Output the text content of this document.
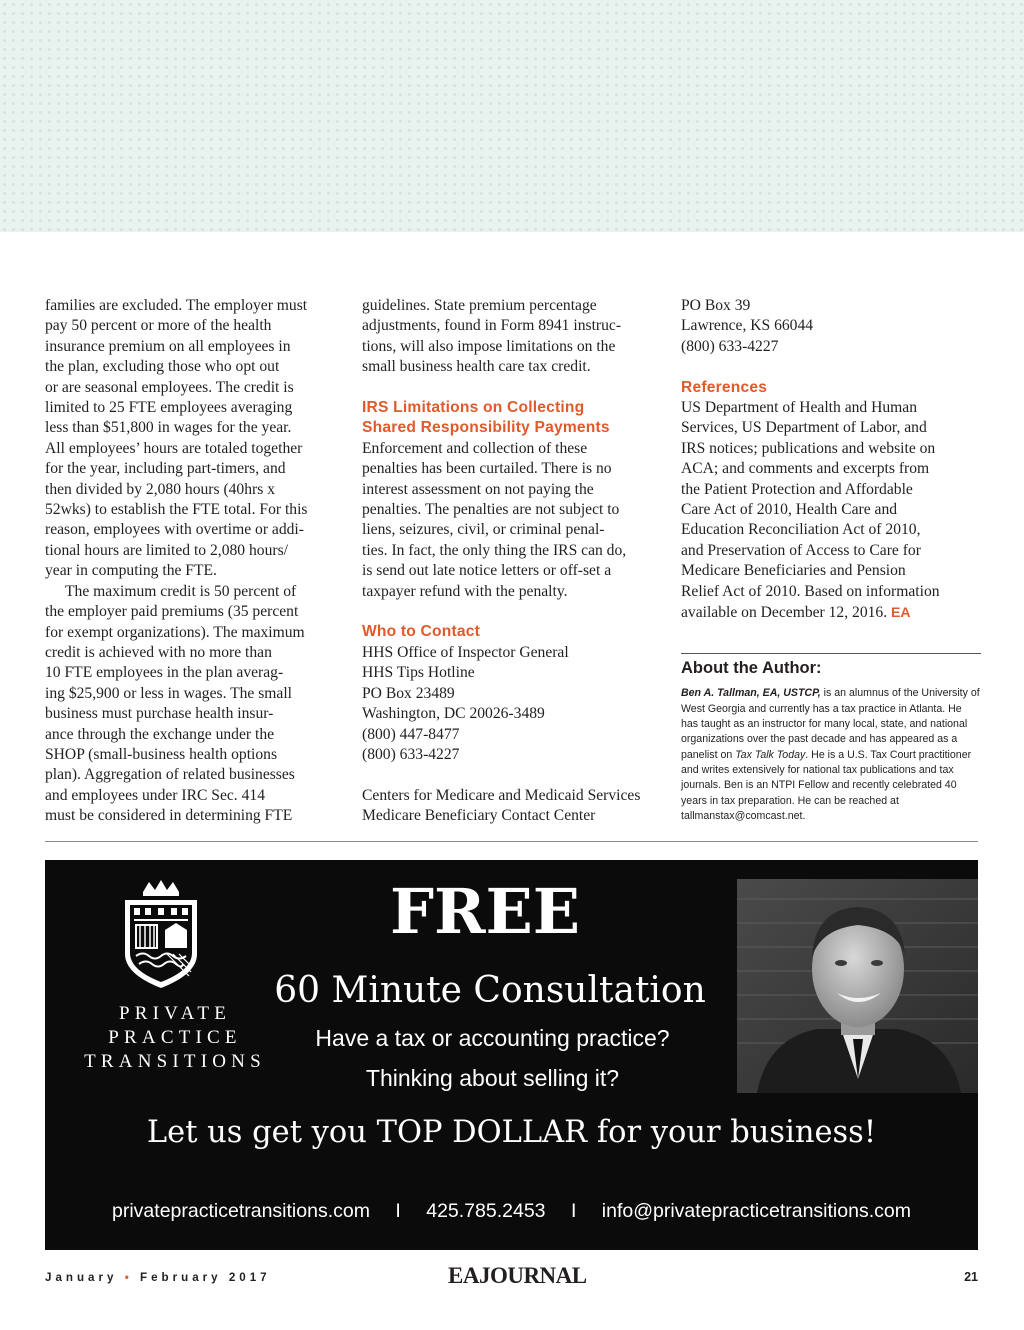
families are excluded. The employer must

pay 50 percent or more of the health

insurance premium on all employees in

the plan, excluding those who opt out

or are seasonal employees. The credit is

limited to 25 FTE employees averaging

less than $51,800 in wages for the year.

All employees’ hours are totaled together

for the year, including part-timers, and

then divided by 2,080 hours (40hrs x

52wks) to establish the FTE total. For this

reason, employees with overtime or addi-

tional hours are limited to 2,080 hours/

year in computing the FTE.

The maximum credit is 50 percent of

the employer paid premiums (35 percent

for exempt organizations). The maximum

credit is achieved with no more than

10 FTE employees in the plan averag-

ing $25,900 or less in wages. The small

business must purchase health insur-

ance through the exchange under the

SHOP (small-business health options

plan). Aggregation of related businesses

and employees under IRC Sec. 414

must be considered in determining FTE

guidelines. State premium percentage

adjustments, found in Form 8941 instruc-

tions, will also impose limitations on the

small business health care tax credit.

IRS Limitations on Collecting

Shared Responsibility Payments

Enforcement and collection of these

penalties has been curtailed. There is no

interest assessment on not paying the

penalties. The penalties are not subject to

liens, seizures, civil, or criminal penal-

ties. In fact, the only thing the IRS can do,

is send out late notice letters or off-set a

taxpayer refund with the penalty.

Who to Contact

HHS Office of Inspector General

HHS Tips Hotline

PO Box 23489

Washington, DC 20026-3489

(800) 447-8477

(800) 633-4227

Centers for Medicare and Medicaid Services

Medicare Beneficiary Contact Center

PO Box 39

Lawrence, KS 66044

(800) 633-4227

References

US Department of Health and Human

Services, US Department of Labor, and

IRS notices; publications and website on

ACA; and comments and excerpts from

the Patient Protection and Affordable

Care Act of 2010, Health Care and

Education Reconciliation Act of 2010,

and Preservation of Access to Care for

Medicare Beneficiaries and Pension

Relief Act of 2010. Based on information

available on December 12, 2016. EA

About the Author:
Ben A. Tallman, EA, USTCP, is an alumnus of the University of West Georgia and currently has a tax practice in Atlanta. He has taught as an instructor for many local, state, and national organizations over the past decade and has appeared as a panelist on Tax Talk Today. He is a U.S. Tax Court practitioner and writes extensively for national tax publications and tax journals. Ben is an NTPI Fellow and recently celebrated 40 years in tax preparation. He can be reached at tallmanstax@comcast.net.
PRIVATE
PRACTICE
TRANSITIONS
FREE
60 Minute Consultation
Have a tax or accounting practice?
Thinking about selling it?
Let us get you TOP DOLLAR for your business!
privatepracticetransitions.com I 425.785.2453 I info@privatepracticetransitions.com
January • February 2017	EAJOURNAL	21
